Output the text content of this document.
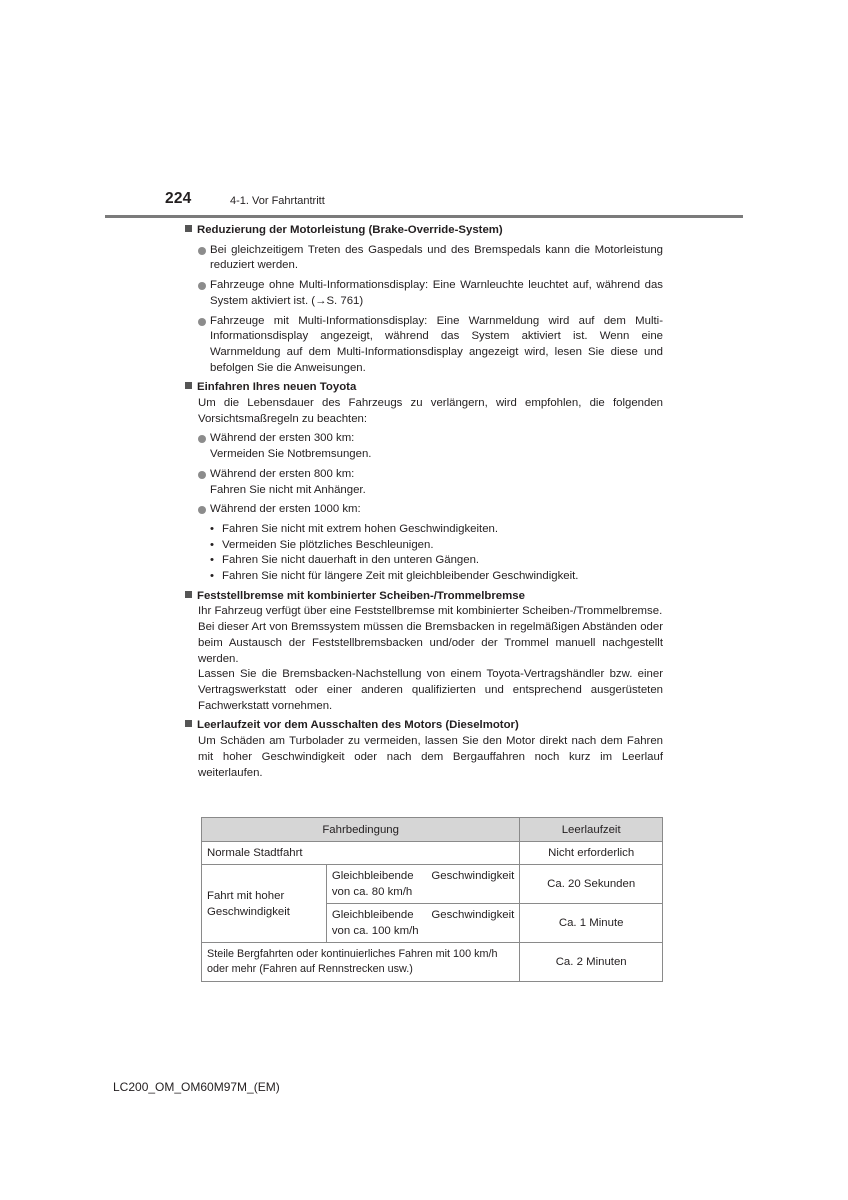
224	4-1. Vor Fahrtantritt
Reduzierung der Motorleistung (Brake-Override-System)
Bei gleichzeitigem Treten des Gaspedals und des Bremspedals kann die Motorleistung reduziert werden.
Fahrzeuge ohne Multi-Informationsdisplay: Eine Warnleuchte leuchtet auf, während das System aktiviert ist. (→S. 761)
Fahrzeuge mit Multi-Informationsdisplay: Eine Warnmeldung wird auf dem Multi-Informationsdisplay angezeigt, während das System aktiviert ist. Wenn eine Warnmeldung auf dem Multi-Informationsdisplay angezeigt wird, lesen Sie diese und befolgen Sie die Anweisungen.
Einfahren Ihres neuen Toyota
Um die Lebensdauer des Fahrzeugs zu verlängern, wird empfohlen, die folgenden Vorsichtsmaßregeln zu beachten:
Während der ersten 300 km:
Vermeiden Sie Notbremsungen.
Während der ersten 800 km:
Fahren Sie nicht mit Anhänger.
Während der ersten 1000 km:
• Fahren Sie nicht mit extrem hohen Geschwindigkeiten.
• Vermeiden Sie plötzliches Beschleunigen.
• Fahren Sie nicht dauerhaft in den unteren Gängen.
• Fahren Sie nicht für längere Zeit mit gleichbleibender Geschwindigkeit.
Feststellbremse mit kombinierter Scheiben-/Trommelbremse
Ihr Fahrzeug verfügt über eine Feststellbremse mit kombinierter Scheiben-/Trommelbremse.
Bei dieser Art von Bremssystem müssen die Bremsbacken in regelmäßigen Abständen oder beim Austausch der Feststellbremsbacken und/oder der Trommel manuell nachgestellt werden.
Lassen Sie die Bremsbacken-Nachstellung von einem Toyota-Vertragshändler bzw. einer Vertragswerkstatt oder einer anderen qualifizierten und entsprechend ausgerüsteten Fachwerkstatt vornehmen.
Leerlaufzeit vor dem Ausschalten des Motors (Dieselmotor)
Um Schäden am Turbolader zu vermeiden, lassen Sie den Motor direkt nach dem Fahren mit hoher Geschwindigkeit oder nach dem Bergauffahren noch kurz im Leerlauf weiterlaufen.
Fahrbedingung		Leerlaufzeit
Normale Stadtfahrt		Nicht erforderlich
Fahrt mit hoher Geschwindigkeit	Gleichbleibende Geschwindigkeit von ca. 80 km/h	Ca. 20 Sekunden
	Gleichbleibende Geschwindigkeit von ca. 100 km/h	Ca. 1 Minute
Steile Bergfahrten oder kontinuierliches Fahren mit 100 km/h oder mehr (Fahren auf Rennstrecken usw.)		Ca. 2 Minuten
LC200_OM_OM60M97M_(EM)
